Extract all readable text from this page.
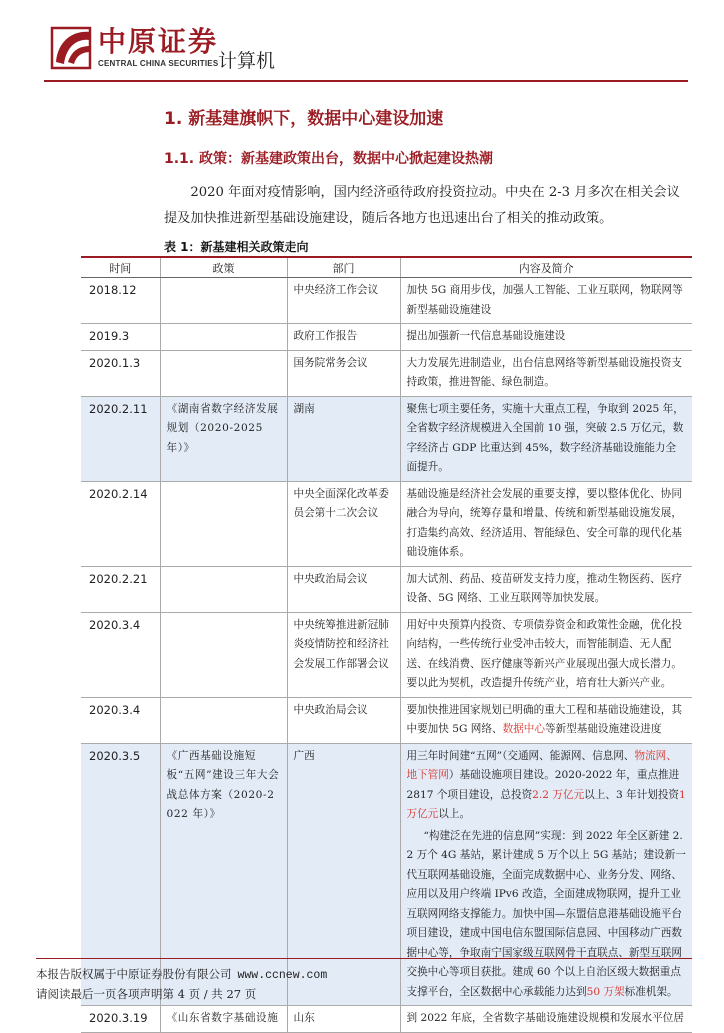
中原证券
CENTRAL CHINA SECURITIES 计算机
1. 新基建旗帜下，数据中心建设加速
1.1. 政策：新基建政策出台，数据中心掀起建设热潮
2020 年面对疫情影响，国内经济亟待政府投资拉动。中央在 2-3 月多次在相关会议提及加快推进新型基础设施建设，随后各地方也迅速出台了相关的推动政策。
表 1：新基建相关政策走向
时间	政策	部门	内容及简介
2018.12		中央经济工作会议	加快 5G 商用步伐，加强人工智能、工业互联网，物联网等新型基础设施建设
2019.3		政府工作报告	提出加强新一代信息基础设施建设
2020.1.3		国务院常务会议	大力发展先进制造业，出台信息网络等新型基础设施投资支持政策，推进智能、绿色制造。
2020.2.11	《湖南省数字经济发展规划（2020-2025 年）》	湖南	聚焦七项主要任务，实施十大重点工程，争取到 2025 年，全省数字经济规模进入全国前 10 强，突破 2.5 万亿元，数字经济占 GDP 比重达到 45%，数字经济基础设施能力全面提升。
2020.2.14		中央全面深化改革委员会第十二次会议	基础设施是经济社会发展的重要支撑，要以整体优化、协同融合为导向，统筹存量和增量、传统和新型基础设施发展，打造集约高效、经济适用、智能绿色、安全可靠的现代化基础设施体系。
2020.2.21		中央政治局会议	加大试剂、药品、疫苗研发支持力度，推动生物医药、医疗设备、5G 网络、工业互联网等加快发展。
2020.3.4		中央统筹推进新冠肺炎疫情防控和经济社会发展工作部署会议	用好中央预算内投资、专项债券资金和政策性金融，优化投向结构，一些传统行业受冲击较大，而智能制造、无人配送、在线消费、医疗健康等新兴产业展现出强大成长潜力。要以此为契机，改造提升传统产业，培育壮大新兴产业。
2020.3.4		中央政治局会议	要加快推进国家规划已明确的重大工程和基础设施建设，其中要加快 5G 网络、数据中心等新型基础设施建设进度
2020.3.5	《广西基础设施短板“五网”建设三年大会战总体方案（2020-2022 年）》	广西	用三年时间建“五网”（交通网、能源网、信息网、物流网、地下管网）基础设施项目建设。2020-2022 年，重点推进 2817 个项目建设，总投资2.2 万亿元以上、3 年计划投资1 万亿元以上。

“构建泛在先进的信息网”实现：到 2022 年全区新建 2.2 万个 4G 基站，累计建成 5 万个以上 5G 基站；建设新一代互联网基础设施，全面完成数据中心、业务分发、网络、应用以及用户终端 IPv6 改造，全面建成物联网，提升工业互联网网络支撑能力。加快中国—东盟信息港基础设施平台项目建设，建成中国电信东盟国际信息园、中国移动广西数据中心等，争取南宁国家级互联网骨干直联点、新型互联网交换中心等项目获批。建成 60 个以上自治区级大数据重点支撑平台，全区数据中心承载能力达到50 万架标准机架。

2020.3.19	《山东省数字基础设施	山东	到 2022 年底，全省数字基础设施建设规模和发展水平位居
本报告版权属于中原证券股份有限公司 www.ccnew.com
请阅读最后一页各项声明第 4 页 / 共 27 页
